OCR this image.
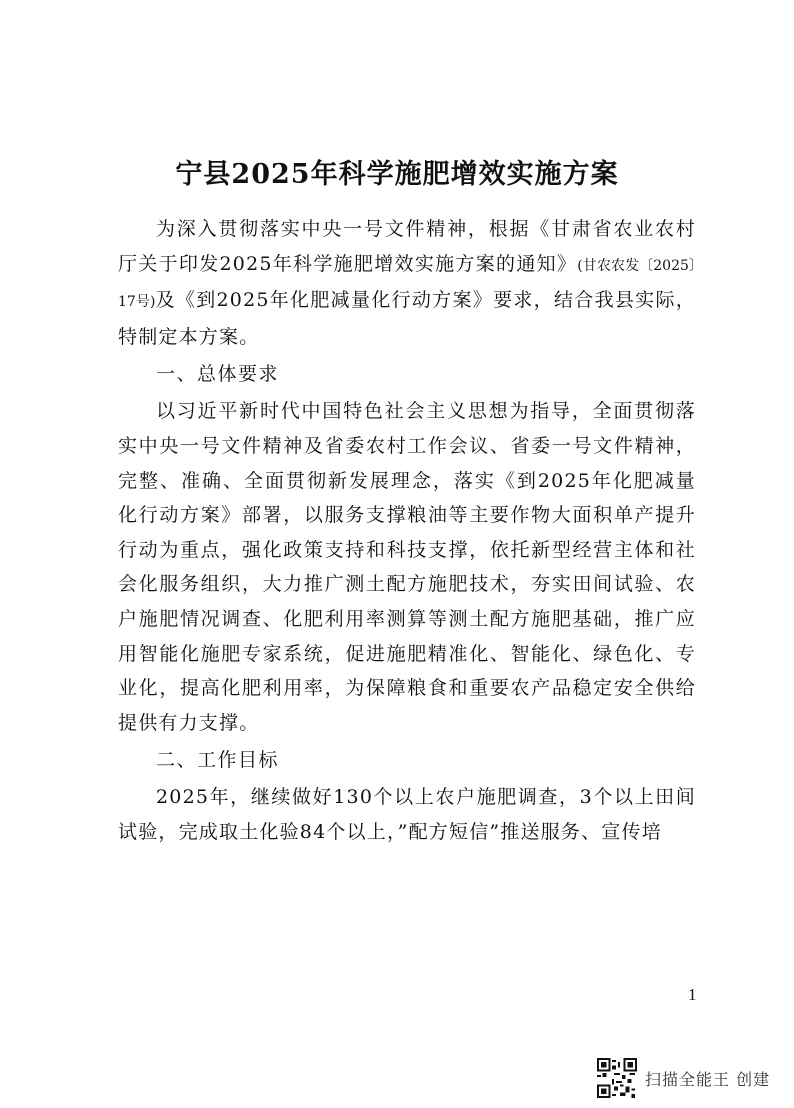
宁县2025年科学施肥增效实施方案

为深入贯彻落实中央一号文件精神，根据《甘肃省农业农村厅关于印发2025年科学施肥增效实施方案的通知》(甘农农发〔2025〕17号)及《到2025年化肥减量化行动方案》要求，结合我县实际，特制定本方案。

一、总体要求

以习近平新时代中国特色社会主义思想为指导，全面贯彻落实中央一号文件精神及省委农村工作会议、省委一号文件精神，完整、准确、全面贯彻新发展理念，落实《到2025年化肥减量化行动方案》部署，以服务支撑粮油等主要作物大面积单产提升行动为重点，强化政策支持和科技支撑，依托新型经营主体和社会化服务组织，大力推广测土配方施肥技术，夯实田间试验、农户施肥情况调查、化肥利用率测算等测土配方施肥基础，推广应用智能化施肥专家系统，促进施肥精准化、智能化、绿色化、专业化，提高化肥利用率，为保障粮食和重要农产品稳定安全供给提供有力支撑。

二、工作目标

2025年，继续做好130个以上农户施肥调查，3个以上田间试验，完成取土化验84个以上，”配方短信”推送服务、宣传培

1
扫描全能王 创建
